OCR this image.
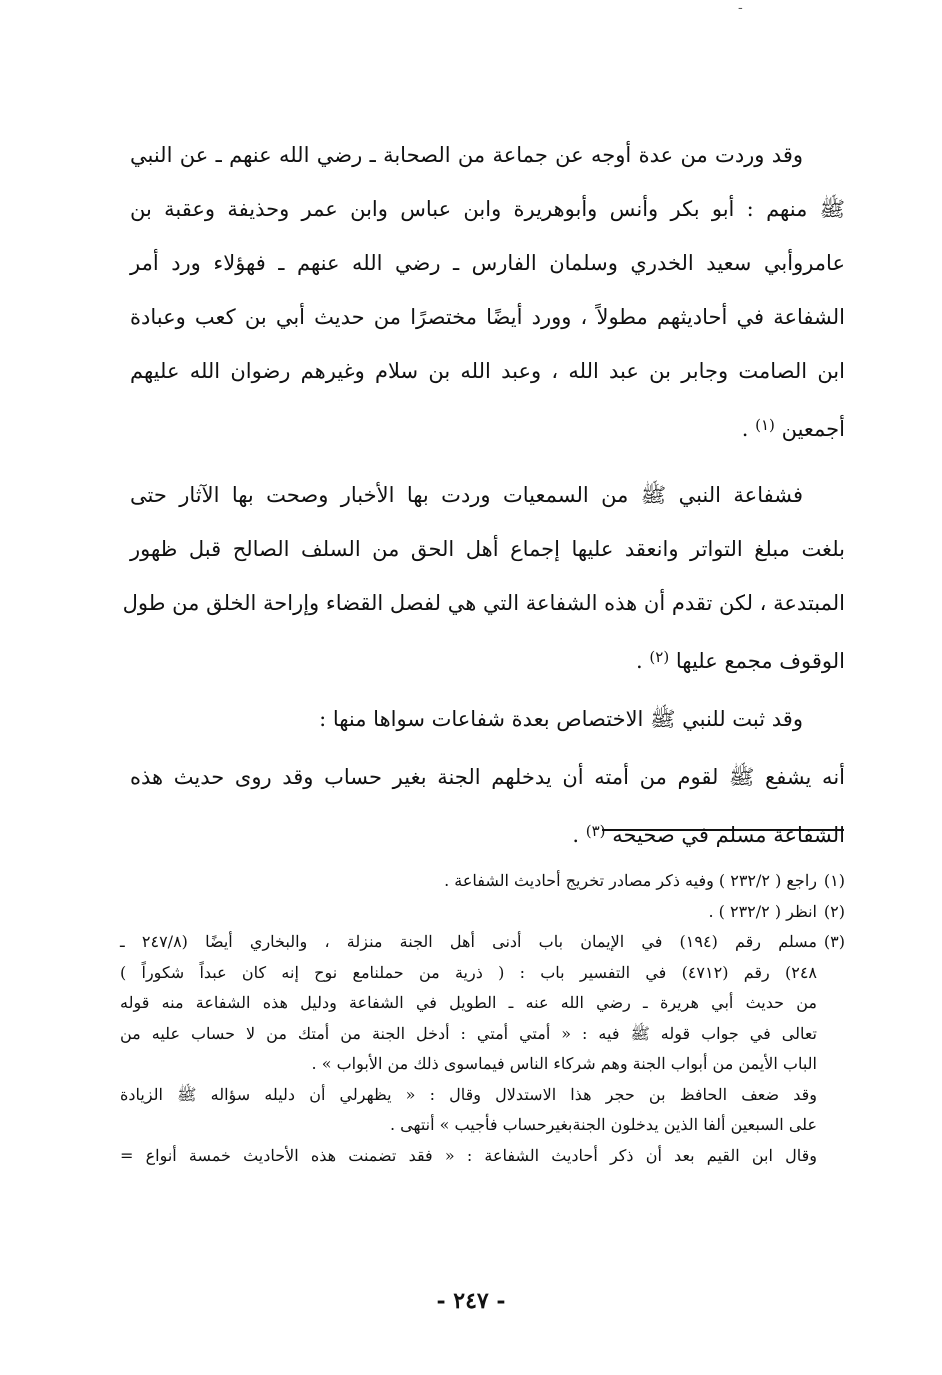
-

وقد وردت من عدة أوجه عن جماعة من الصحابة ـ رضي الله عنهم ـ عن النبي
ﷺ منهم : أبو بكر وأنس وأبوهريرة وابن عباس وابن عمر وحذيفة وعقبة بن
عامروأبي سعيد الخدري وسلمان الفارس ـ رضي الله عنهم ـ فهؤلاء ورد أمر
الشفاعة في أحاديثهم مطولاً ، وورد أيضًا مختصرًا من حديث أبي بن كعب وعبادة
ابن الصامت وجابر بن عبد الله ، وعبد الله بن سلام وغيرهم رضوان الله عليهم
أجمعين $^{(١)}$ .

فشفاعة النبي ﷺ من السمعيات وردت بها الأخبار وصحت بها الآثار حتى
بلغت مبلغ التواتر وانعقد عليها إجماع أهل الحق من السلف الصالح قبل ظهور
المبتدعة ، لكن تقدم أن هذه الشفاعة التي هي لفصل القضاء وإراحة الخلق من طول
الوقوف مجمع عليها $^{(٢)}$ .

وقد ثبت للنبي ﷺ الاختصاص بعدة شفاعات سواها منها :

أنه يشفع ﷺ لقوم من أمته أن يدخلهم الجنة بغير حساب وقد روى حديث هذه
الشفاعة مسلم في صحيحه $^{(٣)}$ .

(١)راجع ( ٢٣٢/٢ ) وفيه ذكر مصادر تخريج أحاديث الشفاعة .
(٢)انظر ( ٢٣٢/٢ ) .
(٣)مسلم رقم (١٩٤) في الإيمان باب أدنى أهل الجنة منزلة ، والبخاري أيضًا (٢٤٧/٨ ـ
٢٤٨) رقم (٤٧١٢) في التفسير باب : ( ذرية من حملنامع نوح إنه كان عبداً شكوراً )
من حديث أبي هريرة ـ رضي الله عنه ـ الطويل في الشفاعة ودليل هذه الشفاعة منه قوله
تعالى في جواب قوله ﷺ فيه : « أمتي أمتي : أدخل الجنة من أمتك من لا حساب عليه من
الباب الأيمن من أبواب الجنة وهم شركاء الناس فيماسوى ذلك من الأبواب » .
وقد ضعف الحافظ بن حجر هذا الاستدلال وقال : « يظهرلي أن دليله سؤاله ﷺ الزيادة
على السبعين ألفا الذين يدخلون الجنةبغيرحساب فأجيب » أنتهى .
وقال ابن القيم بعد أن ذكر أحاديث الشفاعة : « فقد تضمنت هذه الأحاديث خمسة أنواع =
- ٢٤٧ -
